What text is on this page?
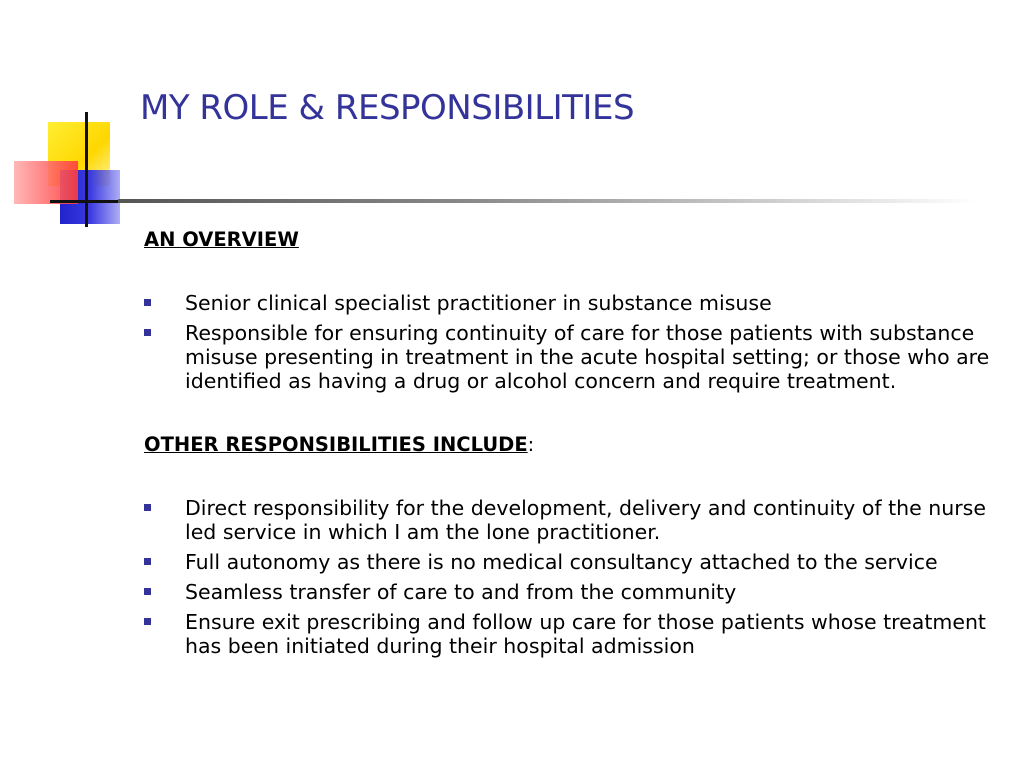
MY ROLE & RESPONSIBILITIES

AN OVERVIEW

Senior clinical specialist practitioner in substance misuse
Responsible for ensuring continuity of care for those patients with substance misuse presenting in treatment in the acute hospital setting; or those who are identified as having a drug or alcohol concern and require treatment.

OTHER RESPONSIBILITIES INCLUDE:

Direct responsibility for the development, delivery and continuity of the nurse led service in which I am the lone practitioner.
Full autonomy as there is no medical consultancy attached to the service
Seamless transfer of care to and from the community
Ensure exit prescribing and follow up care for those patients whose treatment has been initiated during their hospital admission
